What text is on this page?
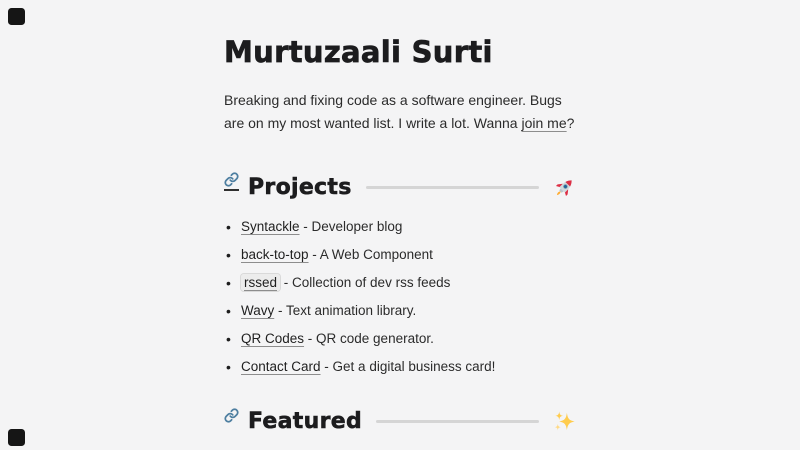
Murtuzaali Surti

Breaking and fixing code as a software engineer. Bugs are on my most wanted list. I write a lot. Wanna join me?

Projects
• Syntackle - Developer blog
• back-to-top - A Web Component
• rssed - Collection of dev rss feeds
• Wavy - Text animation library.
• QR Codes - QR code generator.
• Contact Card - Get a digital business card!
Featured
